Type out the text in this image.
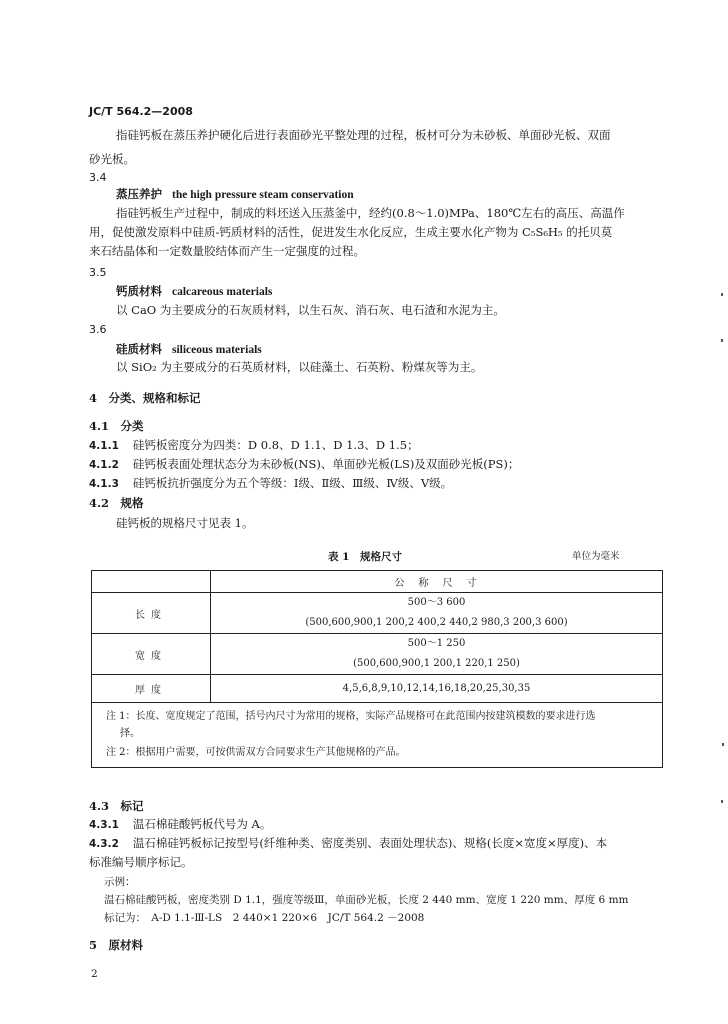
JC/T 564.2—2008
指硅钙板在蒸压养护硬化后进行表面砂光平整处理的过程，板材可分为未砂板、单面砂光板、双面
砂光板。
3.4
蒸压养护 the high pressure steam conservation
指硅钙板生产过程中，制成的料坯送入压蒸釜中，经约(0.8～1.0)MPa、180℃左右的高压、高温作
用，促使激发原料中硅质-钙质材料的活性，促进发生水化反应，生成主要水化产物为 C₅S₆H₅ 的托贝莫
来石结晶体和一定数量胶结体而产生一定强度的过程。
3.5
钙质材料 calcareous materials
以 CaO 为主要成分的石灰质材料，以生石灰、消石灰、电石渣和水泥为主。
3.6
硅质材料 siliceous materials
以 SiO₂ 为主要成分的石英质材料，以硅藻土、石英粉、粉煤灰等为主。
4　分类、规格和标记
4.1　分类
4.1.1 硅钙板密度分为四类：D 0.8、D 1.1、D 1.3、D 1.5；
4.1.2 硅钙板表面处理状态分为未砂板(NS)、单面砂光板(LS)及双面砂光板(PS)；
4.1.3 硅钙板抗折强度分为五个等级：Ⅰ级、Ⅱ级、Ⅲ级、Ⅳ级、Ⅴ级。
4.2　规格
硅钙板的规格尺寸见表 1。
表 1　规格尺寸	单位为毫米
	公　称　尺　寸
长度	500～3 600
(500,600,900,1 200,2 400,2 440,2 980,3 200,3 600)

宽度	500～1 250
(500,600,900,1 200,1 220,1 250)

厚度	4,5,6,8,9,10,12,14,16,18,20,25,30,35
注 1：长度、宽度规定了范围，括号内尺寸为常用的规格，实际产品规格可在此范围内按建筑模数的要求进行选
择。
注 2：根据用户需要，可按供需双方合同要求生产其他规格的产品。
4.3　标记
4.3.1 温石棉硅酸钙板代号为 A。
4.3.2 温石棉硅钙板标记按型号(纤维种类、密度类别、表面处理状态)、规格(长度×宽度×厚度)、本
标准编号顺序标记。
示例：
温石棉硅酸钙板，密度类别 D 1.1，强度等级Ⅲ，单面砂光板，长度 2 440 mm、宽度 1 220 mm、厚度 6 mm
标记为：　A-D 1.1-Ⅲ-LS　2 440×1 220×6　JC/T 564.2 －2008
5　原材料
2
